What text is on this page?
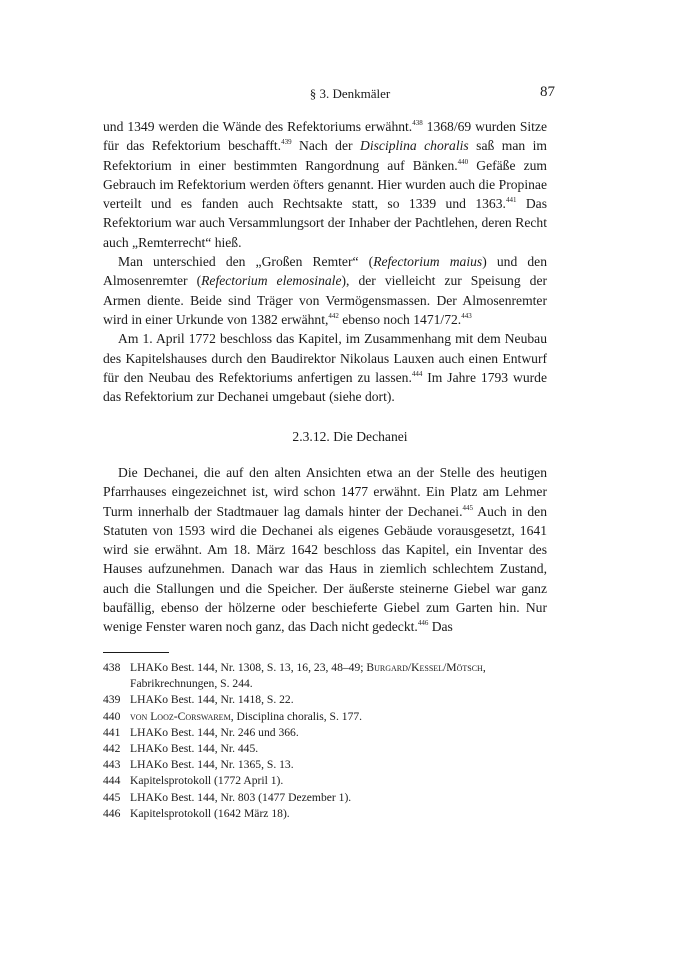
§ 3. Denkmäler	87

und 1349 werden die Wände des Refektoriums erwähnt.$^{438}$ 1368/69 wurden Sitze für das Refektorium beschafft.$^{439}$ Nach der Disciplina choralis saß man im Refektorium in einer bestimmten Rangordnung auf Bänken.$^{440}$ Gefäße zum Gebrauch im Refektorium werden öfters genannt. Hier wurden auch die Propinae verteilt und es fanden auch Rechtsakte statt, so 1339 und 1363.$^{441}$ Das Refektorium war auch Versammlungsort der Inhaber der Pachtlehen, deren Recht auch „Remterrecht“ hieß.

Man unterschied den „Großen Remter“ (Refectorium maius) und den Almosenremter (Refectorium elemosinale), der vielleicht zur Speisung der Armen diente. Beide sind Träger von Vermögensmassen. Der Almosenremter wird in einer Urkunde von 1382 erwähnt,$^{442}$ ebenso noch 1471/72.$^{443}$

Am 1. April 1772 beschloss das Kapitel, im Zusammenhang mit dem Neubau des Kapitelshauses durch den Baudirektor Nikolaus Lauxen auch einen Entwurf für den Neubau des Refektoriums anfertigen zu lassen.$^{444}$ Im Jahre 1793 wurde das Refektorium zur Dechanei umgebaut (siehe dort).

2.3.12. Die Dechanei

Die Dechanei, die auf den alten Ansichten etwa an der Stelle des heutigen Pfarrhauses eingezeichnet ist, wird schon 1477 erwähnt. Ein Platz am Lehmer Turm innerhalb der Stadtmauer lag damals hinter der Dechanei.$^{445}$ Auch in den Statuten von 1593 wird die Dechanei als eigenes Gebäude vorausgesetzt, 1641 wird sie erwähnt. Am 18. März 1642 beschloss das Kapitel, ein Inventar des Hauses aufzunehmen. Danach war das Haus in ziemlich schlechtem Zustand, auch die Stallungen und die Speicher. Der äußerste steinerne Giebel war ganz baufällig, ebenso der hölzerne oder beschieferte Giebel zum Garten hin. Nur wenige Fenster waren noch ganz, das Dach nicht gedeckt.$^{446}$ Das

438 LHAKo Best. 144, Nr. 1308, S. 13, 16, 23, 48–49; Burgard/Kessel/Mötsch, Fabrikrechnungen, S. 244.
439 LHAKo Best. 144, Nr. 1418, S. 22.
440 von Looz-Corswarem, Disciplina choralis, S. 177.
441 LHAKo Best. 144, Nr. 246 und 366.
442 LHAKo Best. 144, Nr. 445.
443 LHAKo Best. 144, Nr. 1365, S. 13.
444 Kapitelsprotokoll (1772 April 1).
445 LHAKo Best. 144, Nr. 803 (1477 Dezember 1).
446 Kapitelsprotokoll (1642 März 18).
